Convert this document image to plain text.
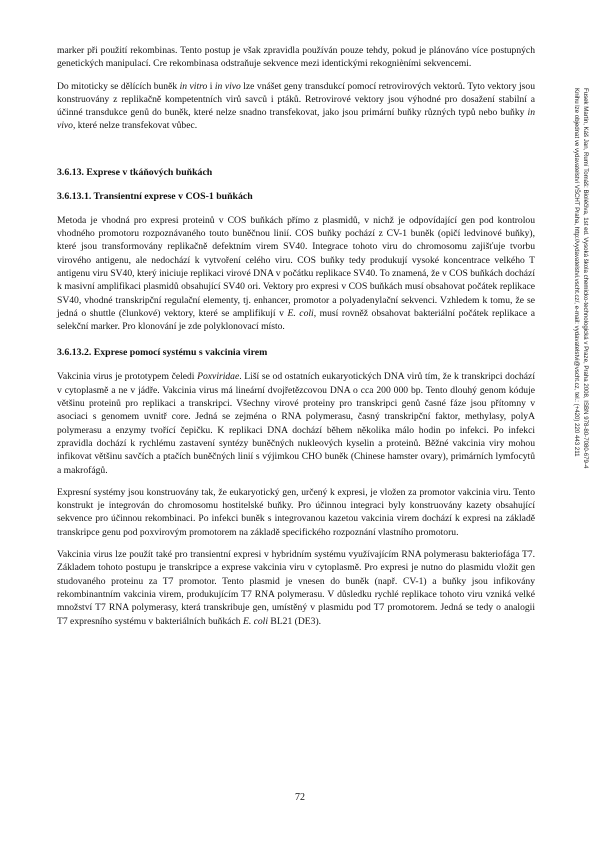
marker při použití rekombinas. Tento postup je však zpravidla používán pouze tehdy, pokud je plánováno více postupných genetických manipulací. Cre rekombinasa odstraňuje sekvence mezi identickými rekognièními sekvencemi.

Do mitoticky se dělících buněk in vitro i in vivo lze vnášet geny transdukcí pomocí retrovirových vektorů. Tyto vektory jsou konstruovány z replikačně kompetentních virů savců i ptáků. Retrovirové vektory jsou výhodné pro dosažení stabilní a účinné transdukce genů do buněk, které nelze snadno transfekovat, jako jsou primární buňky různých typů nebo buňky in vivo, které nelze transfekovat vůbec.

3.6.13. Exprese v tkáňových buňkách
3.6.13.1. Transientní exprese v COS-1 buňkách

Metoda je vhodná pro expresi proteinů v COS buňkách přímo z plasmidů, v nichž je odpovídající gen pod kontrolou vhodného promotoru rozpoznávaného touto buněčnou linií. COS buňky pochází z CV-1 buněk (opičí ledvinové buňky), které jsou transformovány replikačně defektním virem SV40. Integrace tohoto viru do chromosomu zajišťuje tvorbu virového antigenu, ale nedochází k vytvoření celého viru. COS buňky tedy produkují vysoké koncentrace velkého T antigenu viru SV40, který iniciuje replikaci virové DNA v počátku replikace SV40. To znamená, že v COS buňkách dochází k masivní amplifikaci plasmidů obsahující SV40 ori. Vektory pro expresi v COS buňkách musí obsahovat počátek replikace SV40, vhodné transkripční regulační elementy, tj. enhancer, promotor a polyadenylační sekvenci. Vzhledem k tomu, že se jedná o shuttle (člunkové) vektory, které se amplifikují v E. coli, musí rovněž obsahovat bakteriální počátek replikace a selekční marker. Pro klonování je zde polyklonovací místo.

3.6.13.2. Exprese pomocí systému s vakcinia virem

Vakcinia virus je prototypem čeledi Poxviridae. Liší se od ostatních eukaryotických DNA virů tím, že k transkripci dochází v cytoplasmě a ne v jádře. Vakcinia virus má lineární dvojřetězcovou DNA o cca 200 000 bp. Tento dlouhý genom kóduje většinu proteinů pro replikaci a transkripci. Všechny virové proteiny pro transkripci genů časné fáze jsou přítomny v asociaci s genomem uvnitř core. Jedná se zejména o RNA polymerasu, časný transkripční faktor, methylasy, polyA polymerasu a enzymy tvořící čepičku. K replikaci DNA dochází během několika málo hodin po infekci. Po infekci zpravidla dochází k rychlému zastavení syntézy buněčných nukleových kyselin a proteinů. Běžné vakcinia viry mohou infikovat většinu savčích a ptačích buněčných linií s výjimkou CHO buněk (Chinese hamster ovary), primárních lymfocytů a makrofágů.

Expresní systémy jsou konstruovány tak, že eukaryotický gen, určený k expresi, je vložen za promotor vakcinia viru. Tento konstrukt je integrován do chromosomu hostitelské buňky. Pro účinnou integraci byly konstruovány kazety obsahující sekvence pro účinnou rekombinaci. Po infekci buněk s integrovanou kazetou vakcinia virem dochází k expresi na základě transkripce genu pod poxvirovým promotorem na základě specifického rozpoznání vlastního promotoru.

Vakcinia virus lze použít také pro transientní expresi v hybridním systému využívajícím RNA polymerasu bakteriofága T7. Základem tohoto postupu je transkripce a exprese vakcinia viru v cytoplasmě. Pro expresi je nutno do plasmidu vložit gen studovaného proteinu za T7 promotor. Tento plasmid je vnesen do buněk (např. CV-1) a buňky jsou infikovány rekombinantním vakcinia virem, produkujícím T7 RNA polymerasu. V důsledku rychlé replikace tohoto viru vzniká velké množství T7 RNA polymerasy, která transkribuje gen, umístěný v plasmidu pod T7 promotorem. Jedná se tedy o analogii T7 expresního systému v bakteriálních buňkách E. coli BL21 (DE3).

Fusek Martin, Káš Jan, Rumí Tomáš: Bioléčiva, 1st ed. Vysoká škola chemicko-technologická v Praze, Praha 2008, ISBN 978-80-7080-679-4
Knihu lze objednat ve vydavatelství VŠCHT Praha, http://vydavatelstvi.vscht.cz/, e-mail: vydavatelstvi@vscht.cz, tel.: (+420) 220 443 211
72
